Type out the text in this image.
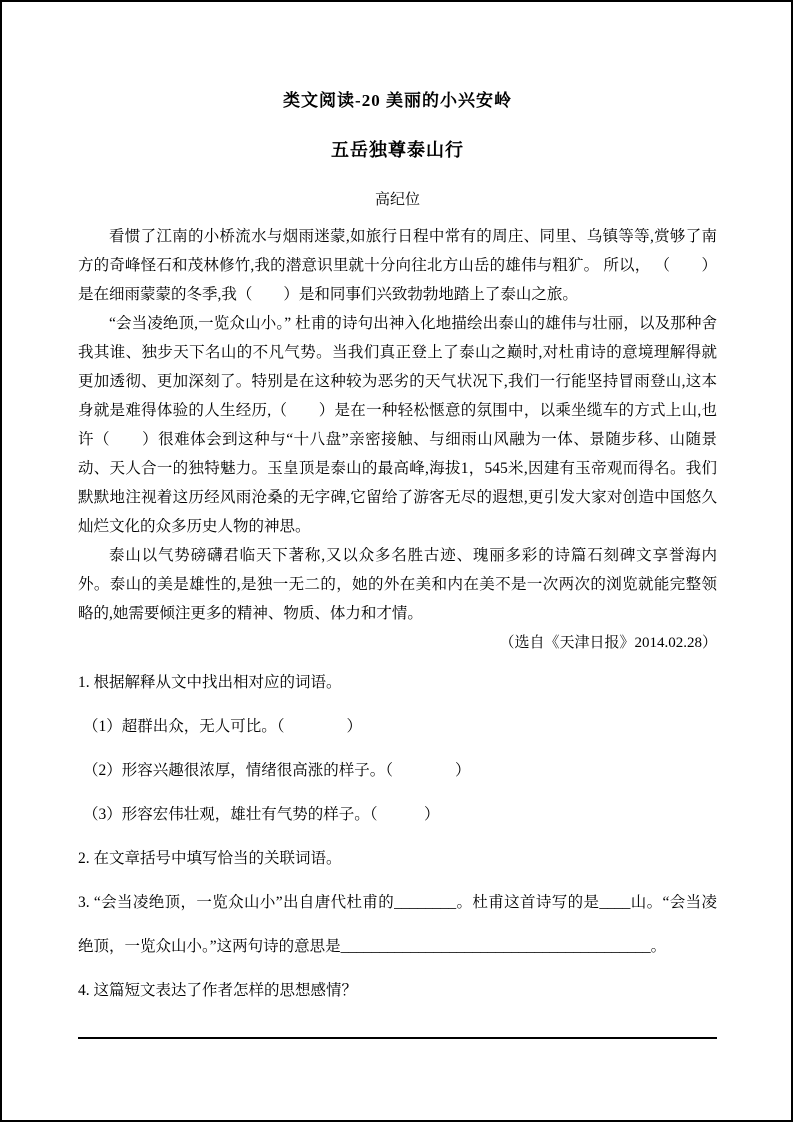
类文阅读-20 美丽的小兴安岭
五岳独尊泰山行
高纪位

看惯了江南的小桥流水与烟雨迷蒙,如旅行日程中常有的周庄、同里、乌镇等等,赏够了南方的奇峰怪石和茂林修竹,我的潜意识里就十分向往北方山岳的雄伟与粗犷。 所以， （　　）是在细雨蒙蒙的冬季,我（　　）是和同事们兴致勃勃地踏上了泰山之旅。

“会当凌绝顶,一览众山小。” 杜甫的诗句出神入化地描绘出泰山的雄伟与壮丽，以及那种舍我其谁、独步天下名山的不凡气势。当我们真正登上了泰山之巅时,对杜甫诗的意境理解得就更加透彻、更加深刻了。特别是在这种较为恶劣的天气状况下,我们一行能坚持冒雨登山,这本身就是难得体验的人生经历,（　　）是在一种轻松惬意的氛围中，以乘坐缆车的方式上山,也许（　　）很难体会到这种与“十八盘”亲密接触、与细雨山风融为一体、景随步移、山随景动、天人合一的独特魅力。玉皇顶是泰山的最高峰,海拔1，545米,因建有玉帝观而得名。我们默默地注视着这历经风雨沧桑的无字碑,它留给了游客无尽的遐想,更引发大家对创造中国悠久灿烂文化的众多历史人物的神思。

泰山以气势磅礴君临天下著称,又以众多名胜古迹、瑰丽多彩的诗篇石刻碑文享誉海内外。泰山的美是雄性的,是独一无二的，她的外在美和内在美不是一次两次的浏览就能完整领略的,她需要倾注更多的精神、物质、体力和才情。

（选自《天津日报》2014.02.28）
1. 根据解释从文中找出相对应的词语。
（1）超群出众，无人可比。（　　　　）
（2）形容兴趣很浓厚，情绪很高涨的样子。（　　　　）
（3）形容宏伟壮观，雄壮有气势的样子。（　　　）
2. 在文章括号中填写恰当的关联词语。
3. “会当凌绝顶，一览众山小”出自唐代杜甫的________。杜甫这首诗写的是____山。“会当凌绝顶，一览众山小。”这两句诗的意思是________________________________________。
4. 这篇短文表达了作者怎样的思想感情？
